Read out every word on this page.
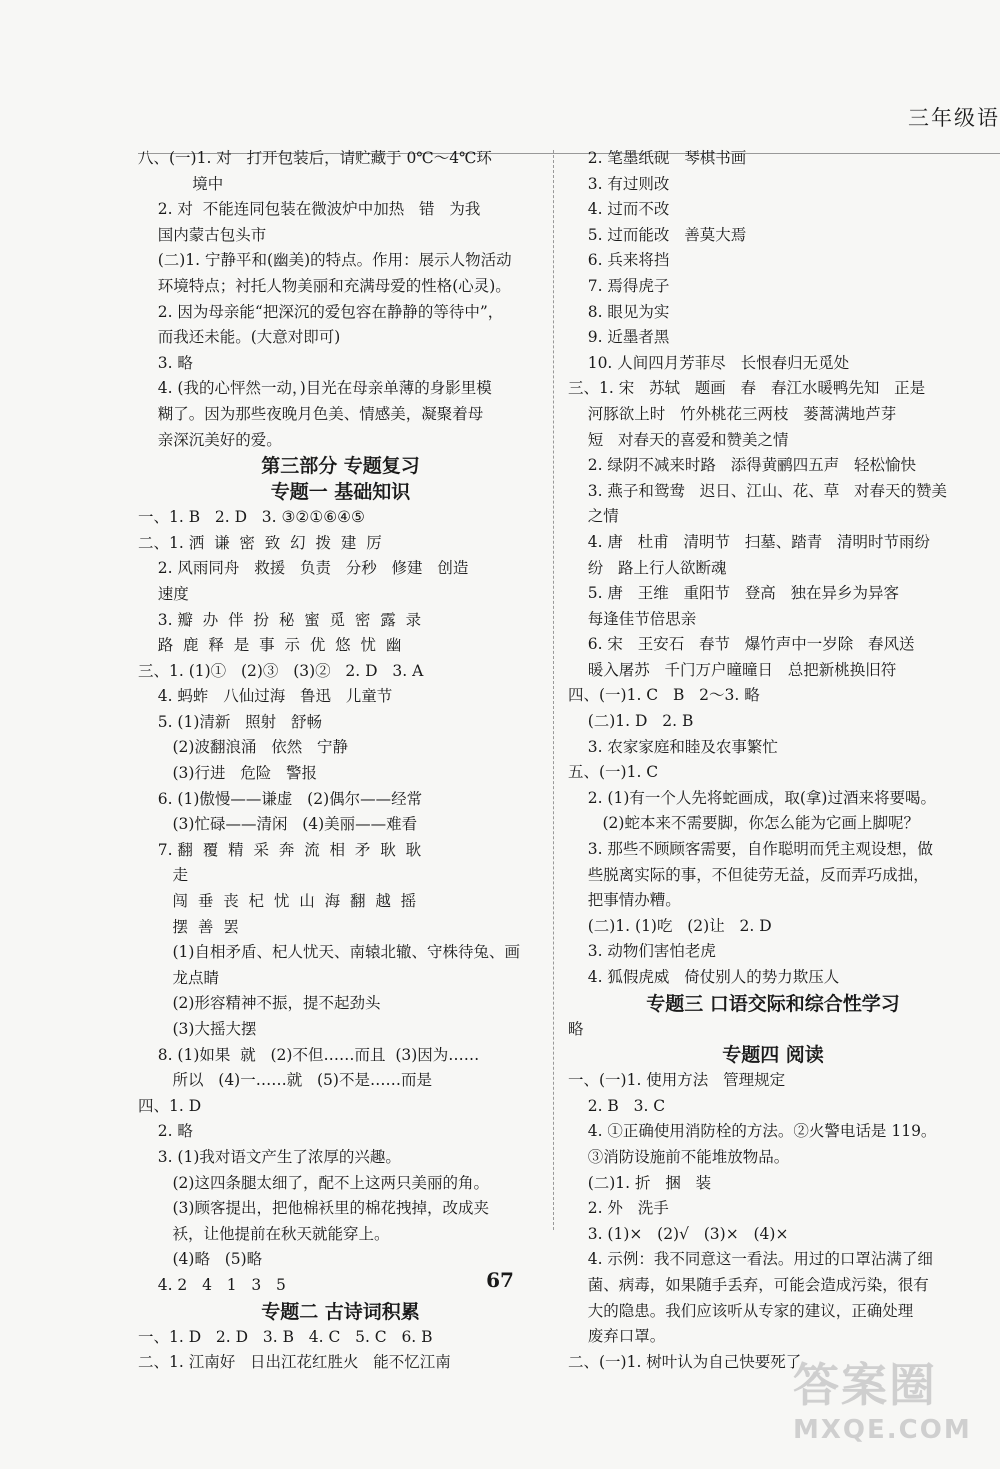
三年级语
八、(一)1. 对   打开包装后，请贮藏于 0℃～4℃环
境中
2. 对  不能连同包装在微波炉中加热   错   为我
国内蒙古包头市
(二)1. 宁静平和(幽美)的特点。作用：展示人物活动
环境特点；衬托人物美丽和充满母爱的性格(心灵)。
2. 因为母亲能“把深沉的爱包容在静静的等待中”，
而我还未能。(大意对即可)
3. 略
4. (我的心怦然一动，)目光在母亲单薄的身影里模
糊了。因为那些夜晚月色美、情感美，凝聚着母
亲深沉美好的爱。
第三部分 专题复习
专题一 基础知识
一、1. B   2. D   3. ③②①⑥④⑤
二、1. 洒  谦  密  致  幻  拨  建  厉
2. 风雨同舟   救援   负责   分秒   修建   创造
速度
3. 瓣  办  伴  扮  秘  蜜  觅  密  露  录
路  鹿  释  是  事  示  优  悠  忧  幽
三、1. (1)①   (2)③   (3)②   2. D   3. A
4. 蚂蚱   八仙过海   鲁迅   儿童节
5. (1)清新   照射   舒畅
(2)波翻浪涌   依然   宁静
(3)行进   危险   警报
6. (1)傲慢——谦虚   (2)偶尔——经常
(3)忙碌——清闲   (4)美丽——难看
7. 翻  覆  精  采  奔  流  相  矛  耿  耿
走
闯  垂  丧  杞  忧  山  海  翻  越  摇
摆  善  罢
(1)自相矛盾、杞人忧天、南辕北辙、守株待兔、画
龙点睛
(2)形容精神不振，提不起劲头
(3)大摇大摆
8. (1)如果  就   (2)不但……而且  (3)因为……
所以   (4)一……就   (5)不是……而是
四、1. D
2. 略
3. (1)我对语文产生了浓厚的兴趣。
(2)这四条腿太细了，配不上这两只美丽的角。
(3)顾客提出，把他棉袄里的棉花拽掉，改成夹
袄，让他提前在秋天就能穿上。
(4)略   (5)略
4. 2   4   1   3   5
专题二 古诗词积累
一、1. D   2. D   3. B   4. C   5. C   6. B
二、1. 江南好   日出江花红胜火   能不忆江南
2. 笔墨纸砚   琴棋书画
3. 有过则改
4. 过而不改
5. 过而能改   善莫大焉
6. 兵来将挡
7. 焉得虎子
8. 眼见为实
9. 近墨者黑
10. 人间四月芳菲尽   长恨春归无觅处
三、1. 宋   苏轼   题画   春   春江水暖鸭先知   正是
河豚欲上时   竹外桃花三两枝   蒌蒿满地芦芽
短   对春天的喜爱和赞美之情
2. 绿阴不减来时路   添得黄鹂四五声   轻松愉快
3. 燕子和鸳鸯   迟日、江山、花、草   对春天的赞美
之情
4. 唐   杜甫   清明节   扫墓、踏青   清明时节雨纷
纷   路上行人欲断魂
5. 唐   王维   重阳节   登高   独在异乡为异客
每逢佳节倍思亲
6. 宋   王安石   春节   爆竹声中一岁除   春风送
暖入屠苏   千门万户曈曈日   总把新桃换旧符
四、(一)1. C   B   2～3. 略
(二)1. D   2. B
3. 农家家庭和睦及农事繁忙
五、(一)1. C
2. (1)有一个人先将蛇画成，取(拿)过酒来将要喝。
(2)蛇本来不需要脚，你怎么能为它画上脚呢？
3. 那些不顾顾客需要，自作聪明而凭主观设想，做
些脱离实际的事，不但徒劳无益，反而弄巧成拙，
把事情办糟。
(二)1. (1)吃   (2)让   2. D
3. 动物们害怕老虎
4. 狐假虎威   倚仗别人的势力欺压人
专题三 口语交际和综合性学习
略
专题四 阅读
一、(一)1. 使用方法   管理规定
2. B   3. C
4. ①正确使用消防栓的方法。②火警电话是 119。
③消防设施前不能堆放物品。
(二)1. 折   捆   装
2. 外   洗手
3. (1)×   (2)√   (3)×   (4)×
4. 示例：我不同意这一看法。用过的口罩沾满了细
菌、病毒，如果随手丢弃，可能会造成污染，很有
大的隐患。我们应该听从专家的建议，正确处理
废弃口罩。
二、(一)1. 树叶认为自己快要死了
67
答案圈
MXQE.COM
